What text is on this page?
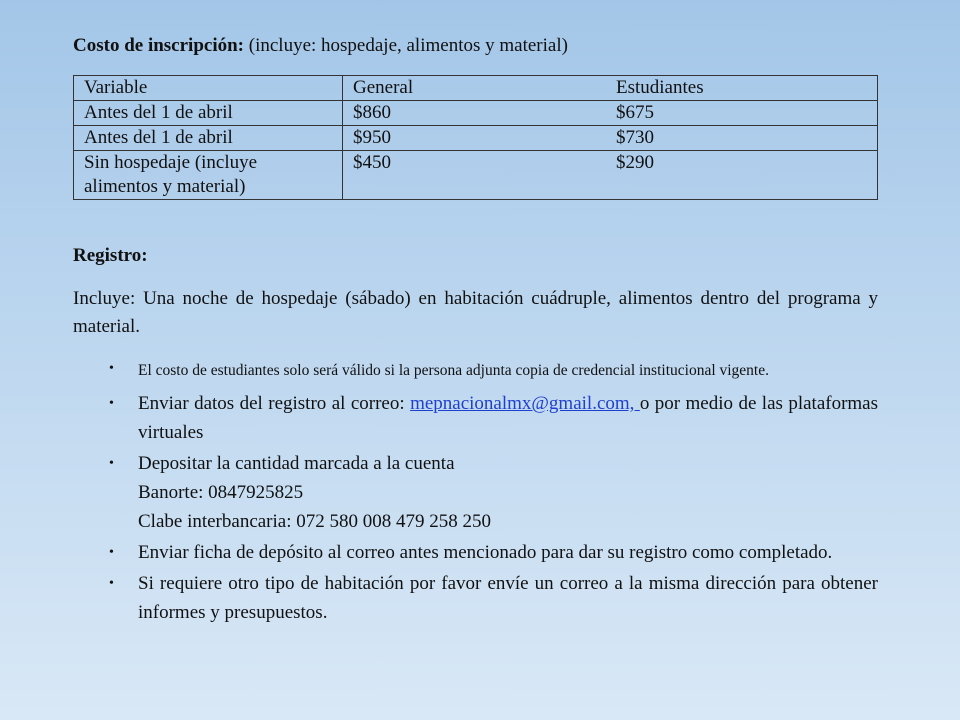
Costo de inscripción: (incluye: hospedaje, alimentos y material)

Variable	General	Estudiantes
Antes del 1 de abril	$860	$675
Antes del 1 de abril	$950	$730
Sin hospedaje (incluye alimentos y material)	$450	$290
Registro:
Incluye: Una noche de hospedaje (sábado) en habitación cuádruple, alimentos dentro del programa y material.
• El costo de estudiantes solo será válido si la persona adjunta copia de credencial institucional vigente.
• Enviar datos del registro al correo: mepnacionalmx@gmail.com, o por medio de las plataformas virtuales
• Depositar la cantidad marcada a la cuenta
Banorte: 0847925825
Clabe interbancaria: 072 580 008 479 258 250
• Enviar ficha de depósito al correo antes mencionado para dar su registro como completado.
• Si requiere otro tipo de habitación por favor envíe un correo a la misma dirección para obtener informes y presupuestos.
